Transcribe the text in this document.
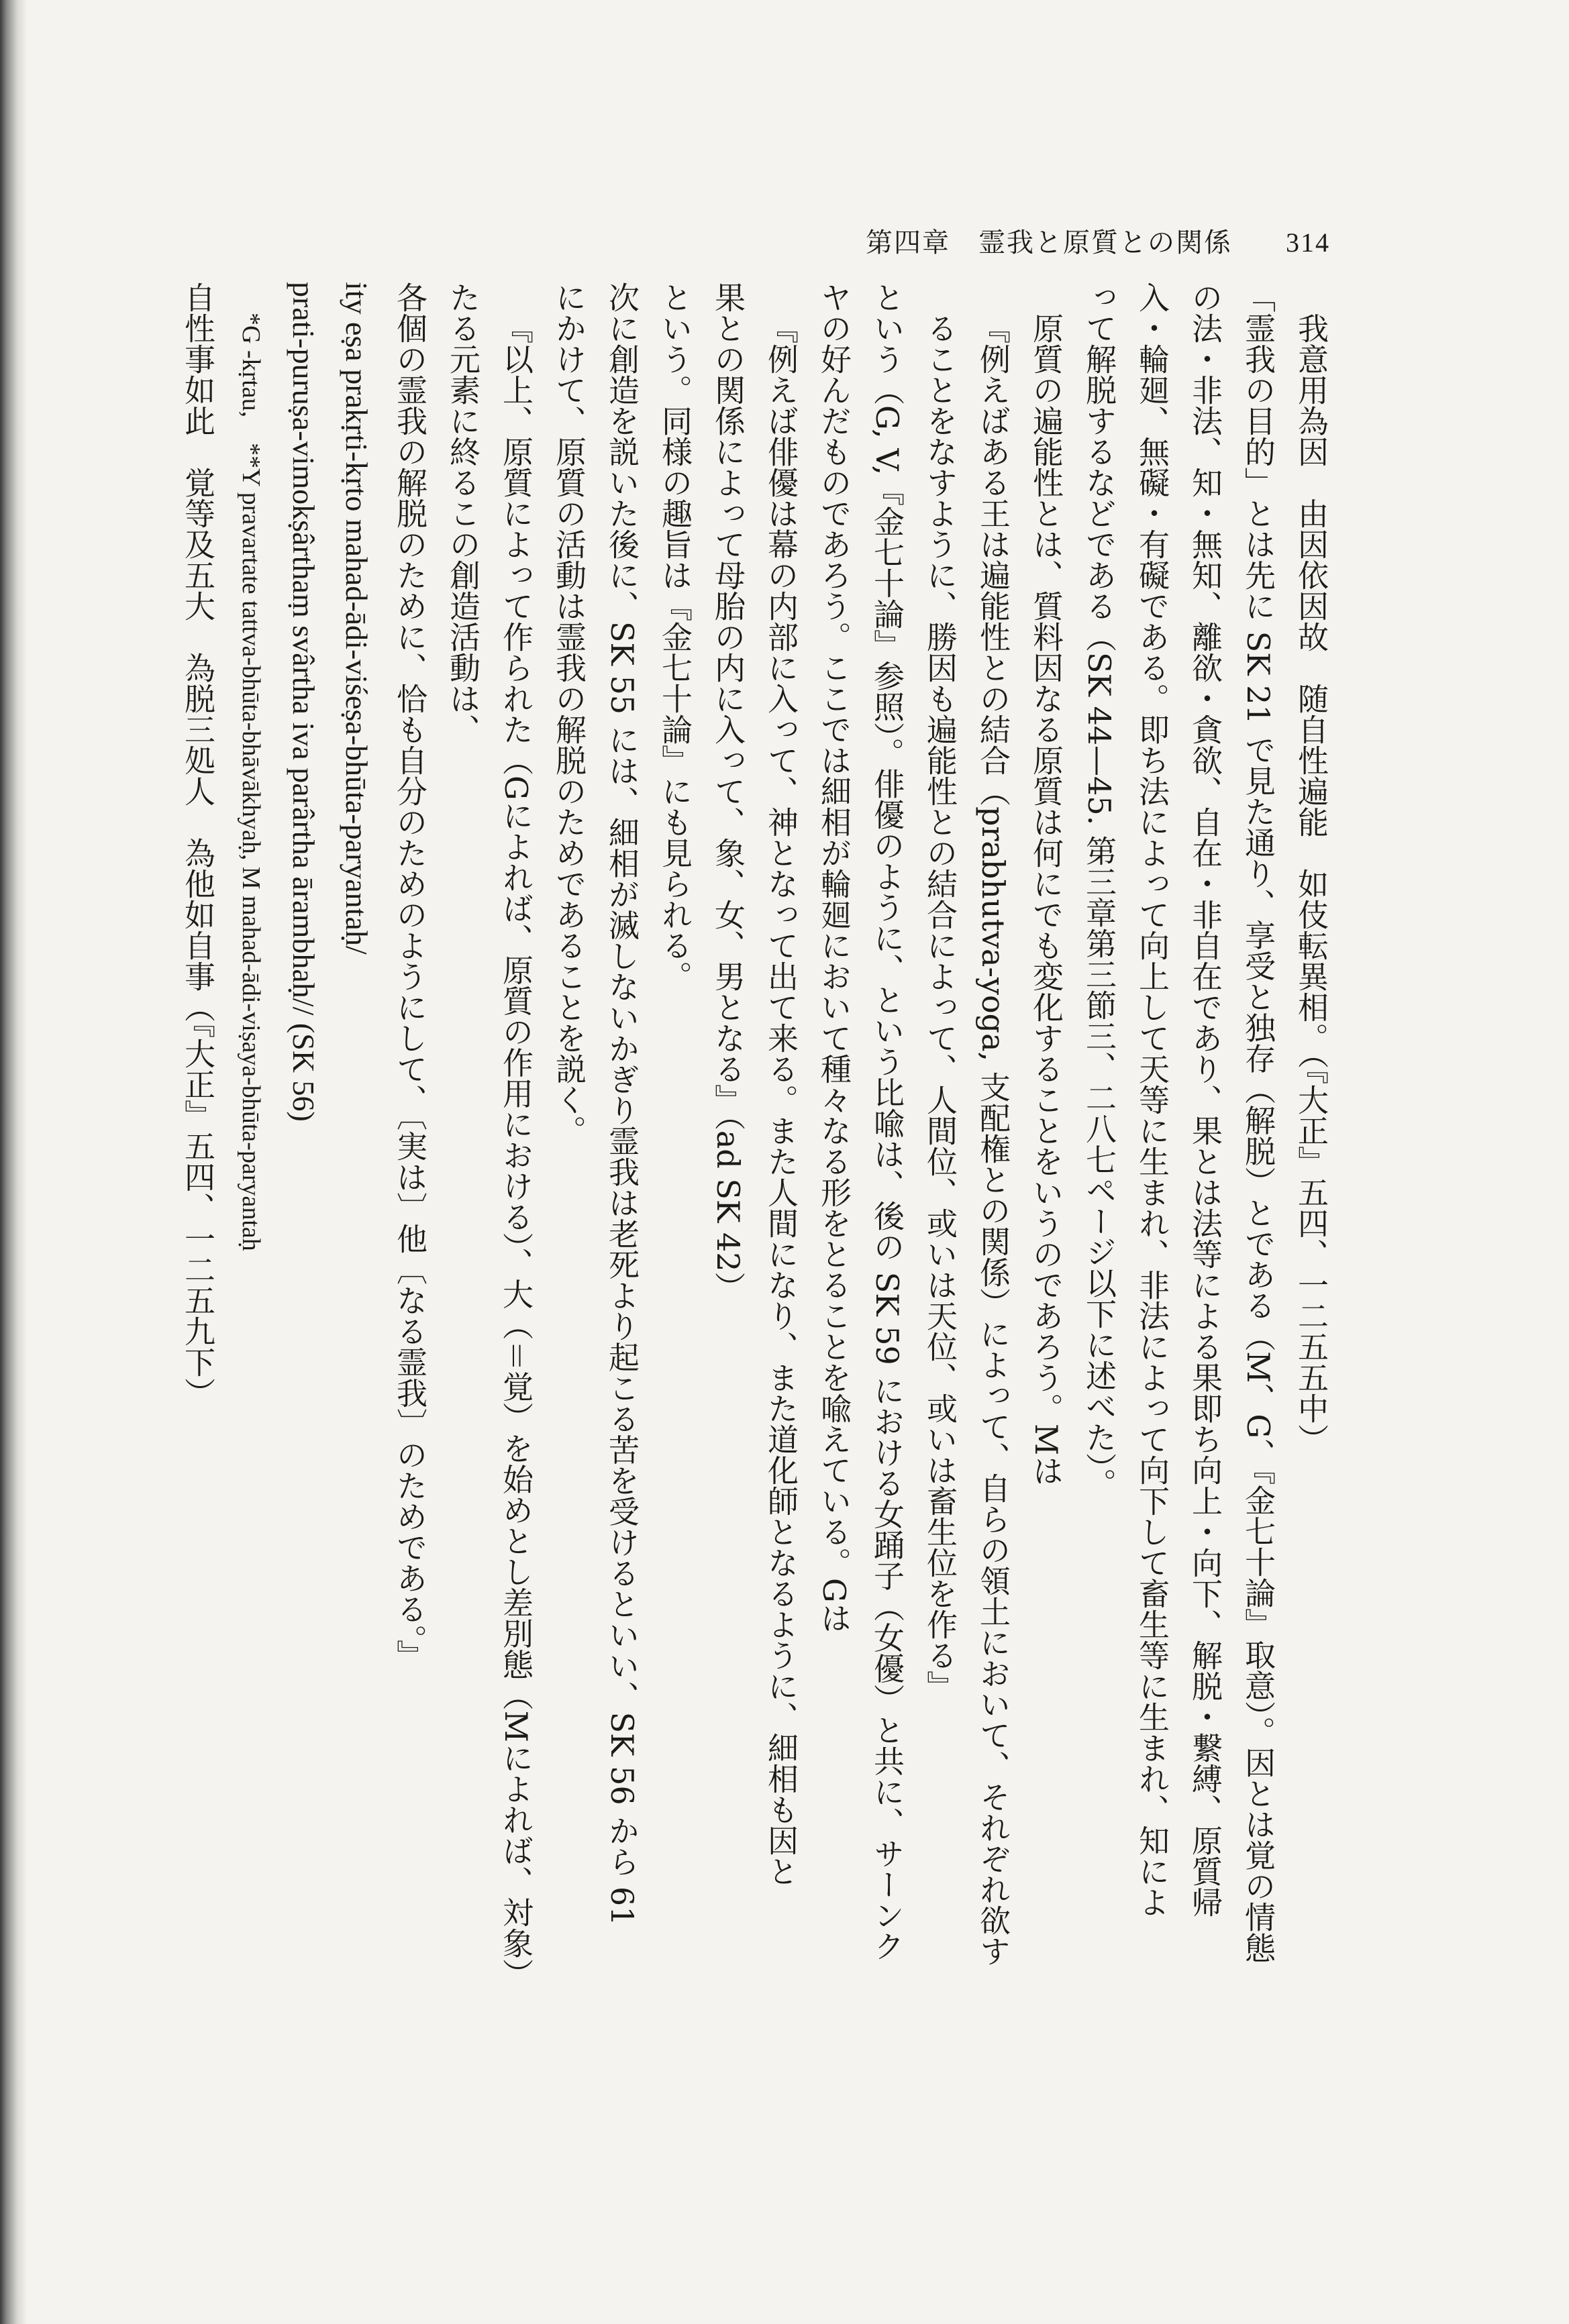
第四章　霊我と原質との関係 314
我意用為因　由因依因故　随自性遍能　如伎転異相。（『大正』五四、一二五五中）
「霊我の目的」とは先に SK 21 で見た通り、享受と独存（解脱）とである（M、G、『金七十論』取意）。因とは覚の情態
の法・非法、知・無知、離欲・貪欲、自在・非自在であり、果とは法等による果即ち向上・向下、解脱・繋縛、原質帰
入・輪廻、無礙・有礙である。即ち法によって向上して天等に生まれ、非法によって向下して畜生等に生まれ、知によ
って解脱するなどである（SK 44—45. 第三章第三節三、二八七ページ以下に述べた）。
原質の遍能性とは、質料因なる原質は何にでも変化することをいうのであろう。Mは
『例えばある王は遍能性との結合（prabhutva-yoga, 支配権との関係）によって、自らの領土において、それぞれ欲す
ることをなすように、勝因も遍能性との結合によって、人間位、或いは天位、或いは畜生位を作る』
という（G, V,『金七十論』参照）。俳優のように、という比喩は、後の SK 59 における女踊子（女優）と共に、サーンク
ヤの好んだものであろう。ここでは細相が輪廻において種々なる形をとることを喩えている。Gは
『例えば俳優は幕の内部に入って、神となって出て来る。また人間になり、また道化師となるように、細相も因と
果との関係によって母胎の内に入って、象、女、男となる』（ad SK 42）
という。同様の趣旨は『金七十論』にも見られる。
次に創造を説いた後に、SK 55 には、細相が滅しないかぎり霊我は老死より起こる苦を受けるといい、SK 56 から 61
にかけて、原質の活動は霊我の解脱のためであることを説く。
『以上、原質によって作られた（Gによれば、原質の作用における）、大（＝覚）を始めとし差別態（Mによれば、対象）
たる元素に終るこの創造活動は、
各個の霊我の解脱のために、恰も自分のためのようにして、〔実は〕他〔なる霊我〕のためである。』
ity eṣa prakṛti-kṛto mahad-ādi-viśeṣa-bhūta-paryantaḥ/
prati-puruṣa-vimokṣârthaṃ svârtha iva parârtha ārambhaḥ// (SK 56)
*G -kṛtau,　**Y pravartate tattva-bhūta-bhāvākhyaḥ, M mahad-ādi-viṣaya-bhūta-paryantaḥ
自性事如此　覚等及五大　為脱三処人　為他如自事（『大正』五四、一二五九下）
